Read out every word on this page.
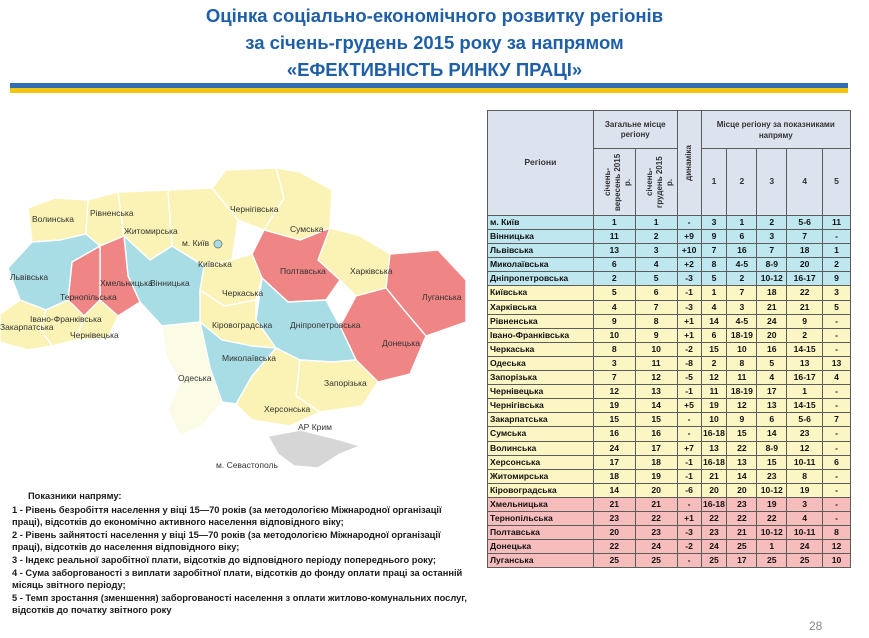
Оцінка соціально-економічного розвитку регіонів
за січень-грудень 2015 року за напрямом
«ЕФЕКТИВНІСТЬ РИНКУ ПРАЦІ»
Волинська
Рівненська
Житомирська
м. Київ
Київська
Чернігівська
Сумська
Харківська
Полтавська
Луганська
Донецька
Дніпропетровська
Запорізька
Херсонська
Черкаська
Кіровоградська
Миколаївська
Одеська
Вінницька
Хмельницька
Тернопільська
Львівська
Івано-Франківська
Закарпатська
Чернівецька
АР Крим
м. Севастополь
Показники напряму:
1 - Рівень безробіття населення у віці 15—70 років (за методологією Міжнародної організації праці), відсотків до економічно активного населення відповідного віку;
2 - Рівень зайнятості населення у віці 15—70 років (за методологією Міжнародної організації праці), відсотків до населення відповідного віку;
3 - Індекс реальної заробітної плати, відсотків до відповідного періоду попереднього року;
4 - Сума заборгованості з виплати заробітної плати, відсотків до фонду оплати праці за останній місяць звітного періоду;
5 - Темп зростання (зменшення) заборгованості населення з оплати житлово-комунальних послуг, відсотків до початку звітного року
Регіони	Загальне місце регіону		динаміка	Місце регіону за показниками напряму				

	січень-вересень 2015 р.	січень-грудень 2015 р.		1	2	3	4	5
м. Київ	1	1	-	3	1	2	5-6	11
Вінницька	11	2	+9	9	6	3	7	-
Львівська	13	3	+10	7	16	7	18	1
Миколаївська	6	4	+2	8	4-5	8-9	20	2
Дніпропетровська	2	5	-3	5	2	10-12	16-17	9
Київська	5	6	-1	1	7	18	22	3
Харківська	4	7	-3	4	3	21	21	5
Рівненська	9	8	+1	14	4-5	24	9	-
Івано-Франківська	10	9	+1	6	18-19	20	2	-
Черкаська	8	10	-2	15	10	16	14-15	-
Одеська	3	11	-8	2	8	5	13	13
Запорізька	7	12	-5	12	11	4	16-17	4
Чернівецька	12	13	-1	11	18-19	17	1	-
Чернігівська	19	14	+5	19	12	13	14-15	-
Закарпатська	15	15	-	10	9	6	5-6	7
Сумська	16	16	-	16-18	15	14	23	-
Волинська	24	17	+7	13	22	8-9	12	-
Херсонська	17	18	-1	16-18	13	15	10-11	6
Житомирська	18	19	-1	21	14	23	8	-
Кіровоградська	14	20	-6	20	20	10-12	19	-
Хмельницька	21	21	-	16-18	23	19	3	-
Тернопільська	23	22	+1	22	22	22	4	-
Полтавська	20	23	-3	23	21	10-12	10-11	8
Донецька	22	24	-2	24	25	1	24	12
Луганська	25	25	-	25	17	25	25	10
28
